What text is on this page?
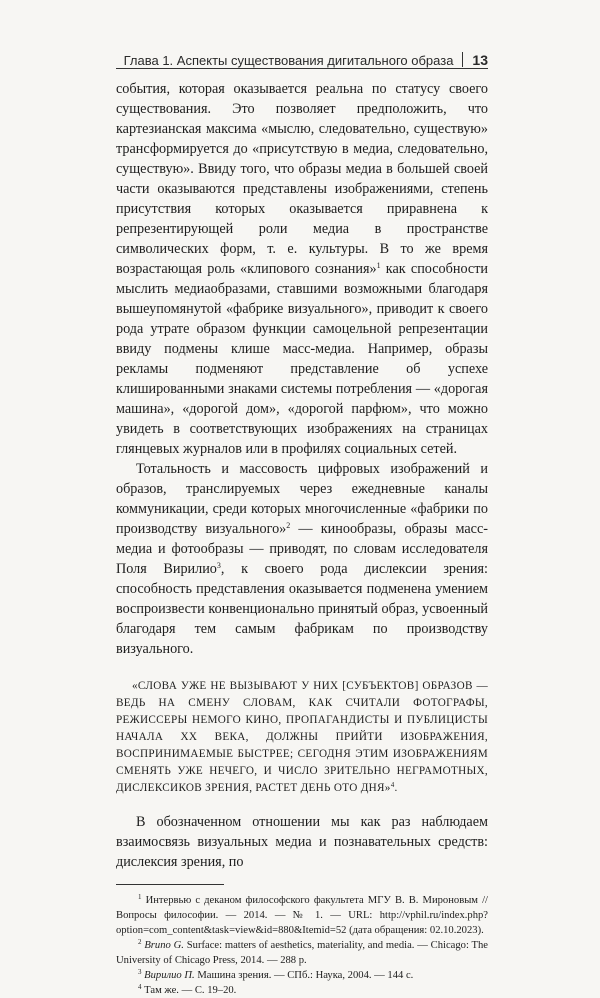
Глава 1.
Аспекты существования дигитального образа 13

события, которая оказывается реальна по статусу своего существования. Это позволяет предположить, что картезианская максима «мыслю, следовательно, существую» трансформируется до «присутствую в медиа, следовательно, существую». Ввиду того, что образы медиа в большей своей части оказываются представлены изображениями, степень присутствия которых оказывается приравнена к репрезентирующей роли медиа в пространстве символических форм, т. е. культуры. В то же время возрастающая роль «клипового сознания»$^1$ как способности мыслить медиаобразами, ставшими возможными благодаря вышеупомянутой «фабрике визуального», приводит к своего рода утрате образом функции самоцельной репрезентации ввиду подмены клише масс-медиа. Например, образы рекламы подменяют представление об успехе клишированными знаками системы потребления — «дорогая машина», «дорогой дом», «дорогой парфюм», что можно увидеть в соответствующих изображениях на страницах глянцевых журналов или в профилях социальных сетей.

Тотальность и массовость цифровых изображений и образов, транслируемых через ежедневные каналы коммуникации, среди которых многочисленные «фабрики по производству визуального»$^2$ — кинообразы, образы масс-медиа и фотообразы — приводят, по словам исследователя Поля Вирилио$^3$, к своего рода дислексии зрения: способность представления оказывается подменена умением воспроизвести конвенционально принятый образ, усвоенный благодаря тем самым фабрикам по производству визуального.

«СЛОВА УЖЕ НЕ ВЫЗЫВАЮТ У НИХ [СУБЪЕКТОВ] ОБРАЗОВ — ВЕДЬ НА СМЕНУ СЛОВАМ, КАК СЧИТАЛИ ФОТОГРАФЫ, РЕЖИССЕРЫ НЕМОГО КИНО, ПРОПАГАНДИСТЫ И ПУБЛИЦИСТЫ НАЧАЛА XX ВЕКА, ДОЛЖНЫ ПРИЙТИ ИЗОБРАЖЕНИЯ, ВОСПРИНИМАЕМЫЕ БЫСТРЕЕ; СЕГОДНЯ ЭТИМ ИЗОБРАЖЕНИЯМ СМЕНЯТЬ УЖЕ НЕЧЕГО, И ЧИСЛО ЗРИТЕЛЬНО НЕГРАМОТНЫХ, ДИСЛЕКСИКОВ ЗРЕНИЯ, РАСТЕТ ДЕНЬ ОТО ДНЯ»$^4$.

В обозначенном отношении мы как раз наблюдаем взаимосвязь визуальных медиа и познавательных средств: дислексия зрения, по

$^1$ Интервью с деканом философского факультета МГУ В. В. Мироновым // Вопросы философии. — 2014. — № 1. — URL: http://vphil.ru/index.php?option=com_content&task=view&id=880&Itemid=52 (дата обращения: 02.10.2023).

$^2$ Bruno G. Surface: matters of aesthetics, materiality, and media. — Chicago: The University of Chicago Press, 2014. — 288 p.

$^3$ Вирилио П. Машина зрения. — СПб.: Наука, 2004. — 144 с.

$^4$ Там же. — С. 19–20.
